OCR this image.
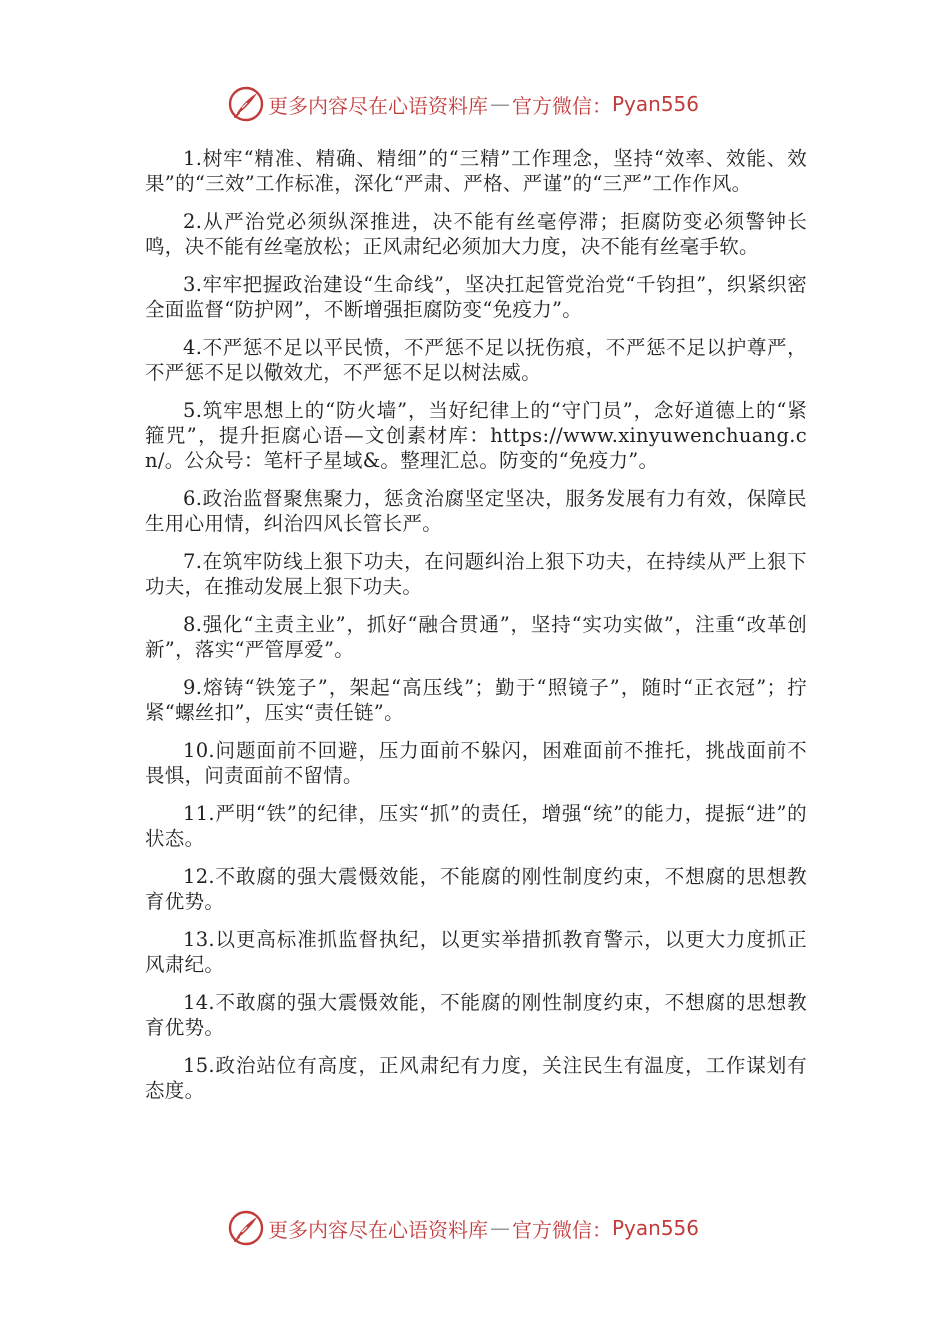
更多内容尽在心语资料库 — 官方微信： Pyan556

1.树牢“精准、精确、精细”的“三精”工作理念，坚持“效率、效能、效果”的“三效”工作标准，深化“严肃、严格、严谨”的“三严”工作作风。

2.从严治党必须纵深推进，决不能有丝毫停滞；拒腐防变必须警钟长鸣，决不能有丝毫放松；正风肃纪必须加大力度，决不能有丝毫手软。

3.牢牢把握政治建设“生命线”，坚决扛起管党治党“千钧担”，织紧织密全面监督“防护网”，不断增强拒腐防变“免疫力”。

4.不严惩不足以平民愤，不严惩不足以抚伤痕，不严惩不足以护尊严，不严惩不足以儆效尤，不严惩不足以树法威。

5.筑牢思想上的“防火墙”，当好纪律上的“守门员”，念好道德上的“紧箍咒”，提升拒腐心语—文创素材库：https://www.xinyuwenchuang.cn/。公众号：笔杆子星域&。整理汇总。防变的“免疫力”。

6.政治监督聚焦聚力，惩贪治腐坚定坚决，服务发展有力有效，保障民生用心用情，纠治四风长管长严。

7.在筑牢防线上狠下功夫，在问题纠治上狠下功夫，在持续从严上狠下功夫，在推动发展上狠下功夫。

8.强化“主责主业”，抓好“融合贯通”，坚持“实功实做”，注重“改革创新”，落实“严管厚爱”。

9.熔铸“铁笼子”，架起“高压线”；勤于“照镜子”，随时“正衣冠”；拧紧“螺丝扣”，压实“责任链”。

10.问题面前不回避，压力面前不躲闪，困难面前不推托，挑战面前不畏惧，问责面前不留情。

11.严明“铁”的纪律，压实“抓”的责任，增强“统”的能力，提振“进”的状态。

12.不敢腐的强大震慑效能，不能腐的刚性制度约束，不想腐的思想教育优势。

13.以更高标准抓监督执纪，以更实举措抓教育警示，以更大力度抓正风肃纪。

14.不敢腐的强大震慑效能，不能腐的刚性制度约束，不想腐的思想教育优势。

15.政治站位有高度，正风肃纪有力度，关注民生有温度，工作谋划有态度。

更多内容尽在心语资料库 — 官方微信： Pyan556
